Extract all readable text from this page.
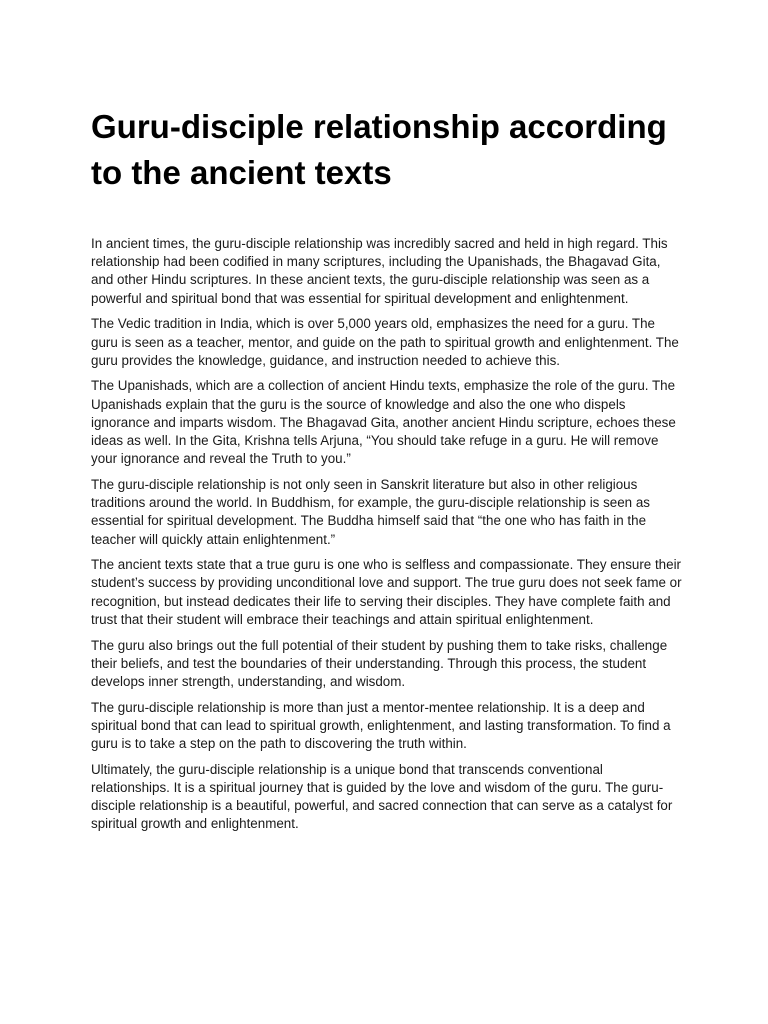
Guru-disciple relationship according to the ancient texts

In ancient times, the guru-disciple relationship was incredibly sacred and held in high regard. This relationship had been codified in many scriptures, including the Upanishads, the Bhagavad Gita, and other Hindu scriptures. In these ancient texts, the guru-disciple relationship was seen as a powerful and spiritual bond that was essential for spiritual development and enlightenment.

The Vedic tradition in India, which is over 5,000 years old, emphasizes the need for a guru. The guru is seen as a teacher, mentor, and guide on the path to spiritual growth and enlightenment. The guru provides the knowledge, guidance, and instruction needed to achieve this.

The Upanishads, which are a collection of ancient Hindu texts, emphasize the role of the guru. The Upanishads explain that the guru is the source of knowledge and also the one who dispels ignorance and imparts wisdom. The Bhagavad Gita, another ancient Hindu scripture, echoes these ideas as well. In the Gita, Krishna tells Arjuna, “You should take refuge in a guru. He will remove your ignorance and reveal the Truth to you.”

The guru-disciple relationship is not only seen in Sanskrit literature but also in other religious traditions around the world. In Buddhism, for example, the guru-disciple relationship is seen as essential for spiritual development. The Buddha himself said that “the one who has faith in the teacher will quickly attain enlightenment.”

The ancient texts state that a true guru is one who is selfless and compassionate. They ensure their student’s success by providing unconditional love and support. The true guru does not seek fame or recognition, but instead dedicates their life to serving their disciples. They have complete faith and trust that their student will embrace their teachings and attain spiritual enlightenment.

The guru also brings out the full potential of their student by pushing them to take risks, challenge their beliefs, and test the boundaries of their understanding. Through this process, the student develops inner strength, understanding, and wisdom.

The guru-disciple relationship is more than just a mentor-mentee relationship. It is a deep and spiritual bond that can lead to spiritual growth, enlightenment, and lasting transformation. To find a guru is to take a step on the path to discovering the truth within.

Ultimately, the guru-disciple relationship is a unique bond that transcends conventional relationships. It is a spiritual journey that is guided by the love and wisdom of the guru. The guru-disciple relationship is a beautiful, powerful, and sacred connection that can serve as a catalyst for spiritual growth and enlightenment.
